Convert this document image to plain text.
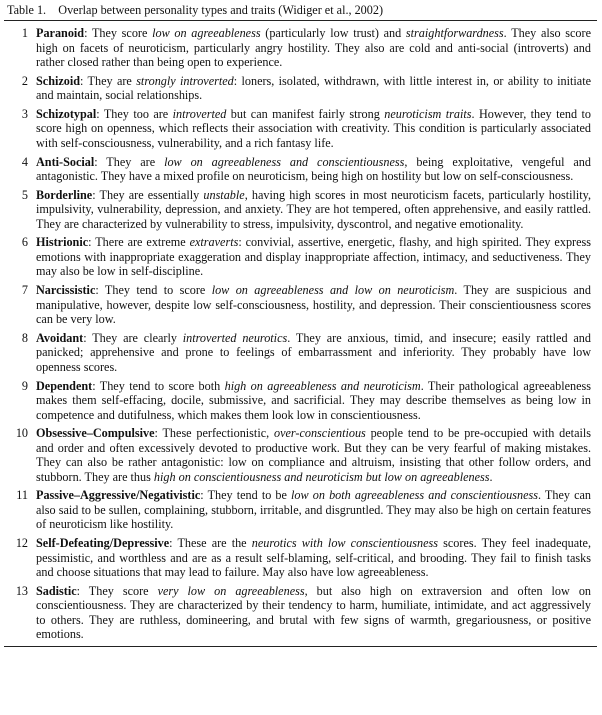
Table 1. Overlap between personality types and traits (Widiger et al., 2002)
1 Paranoid: They score low on agreeableness (particularly low trust) and straightforwardness. They also score high on facets of neuroticism, particularly angry hostility. They also are cold and anti-social (introverts) and rather closed rather than being open to experience.
2 Schizoid: They are strongly introverted: loners, isolated, withdrawn, with little interest in, or ability to initiate and maintain, social relationships.
3 Schizotypal: They too are introverted but can manifest fairly strong neuroticism traits. However, they tend to score high on openness, which reflects their association with creativity. This condition is particularly associated with self-consciousness, vulnerability, and a rich fantasy life.
4 Anti-Social: They are low on agreeableness and conscientiousness, being exploitative, vengeful and antagonistic. They have a mixed profile on neuroticism, being high on hostility but low on self-consciousness.
5 Borderline: They are essentially unstable, having high scores in most neuroticism facets, particularly hostility, impulsivity, vulnerability, depression, and anxiety. They are hot tempered, often apprehensive, and easily rattled. They are characterized by vulnerability to stress, impulsivity, dyscontrol, and negative emotionality.
6 Histrionic: There are extreme extraverts: convivial, assertive, energetic, flashy, and high spirited. They express emotions with inappropriate exaggeration and display inappropriate affection, intimacy, and seductiveness. They may also be low in self-discipline.
7 Narcissistic: They tend to score low on agreeableness and low on neuroticism. They are suspicious and manipulative, however, despite low self-consciousness, hostility, and depression. Their conscientiousness scores can be very low.
8 Avoidant: They are clearly introverted neurotics. They are anxious, timid, and insecure; easily rattled and panicked; apprehensive and prone to feelings of embarrassment and inferiority. They probably have low openness scores.
9 Dependent: They tend to score both high on agreeableness and neuroticism. Their pathological agreeableness makes them self-effacing, docile, submissive, and sacrificial. They may describe themselves as being low in competence and dutifulness, which makes them look low in conscientiousness.
10 Obsessive–Compulsive: These perfectionistic, over-conscientious people tend to be pre-occupied with details and order and often excessively devoted to productive work. But they can be very fearful of making mistakes. They can also be rather antagonistic: low on compliance and altruism, insisting that other follow orders, and stubborn. They are thus high on conscientiousness and neuroticism but low on agreeableness.
11 Passive–Aggressive/Negativistic: They tend to be low on both agreeableness and conscientiousness. They can also said to be sullen, complaining, stubborn, irritable, and disgruntled. They may also be high on certain features of neuroticism like hostility.
12 Self-Defeating/Depressive: These are the neurotics with low conscientiousness scores. They feel inadequate, pessimistic, and worthless and are as a result self-blaming, self-critical, and brooding. They fail to finish tasks and choose situations that may lead to failure. May also have low agreeableness.
13 Sadistic: They score very low on agreeableness, but also high on extraversion and often low on conscientiousness. They are characterized by their tendency to harm, humiliate, intimidate, and act aggressively to others. They are ruthless, domineering, and brutal with few signs of warmth, gregariousness, or positive emotions.
